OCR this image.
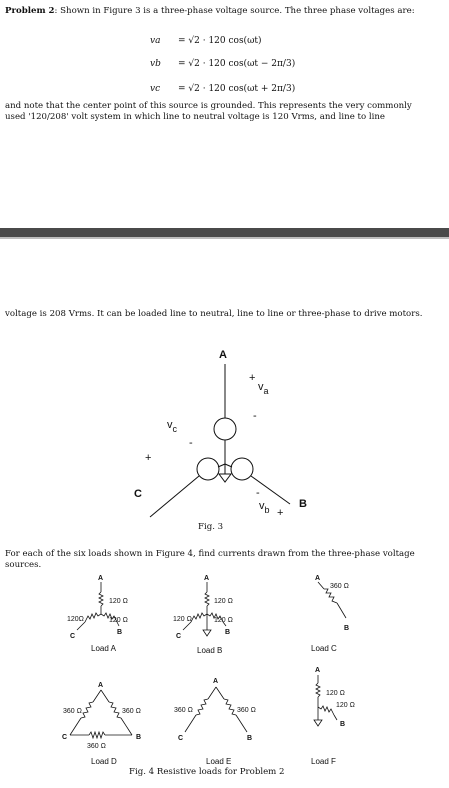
Problem 2: Shown in Figure 3 is a three-phase voltage source. The three phase voltages are:
va = √2 · 120 cos(ωt)
vb = √2 · 120 cos(ωt − 2π/3)
vc = √2 · 120 cos(ωt + 2π/3)
and note that the center point of this source is grounded. This represents the very commonly used '120/208' volt system in which line to neutral voltage is 120 Vrms, and line to line
voltage is 208 Vrms. It can be loaded line to neutral, line to line or three-phase to drive motors.
A
+
$v_a$
-
$v_c$
-
+
C	-
$v_b$ +
B
Fig. 3
For each of the six loads shown in Figure 4, find currents drawn from the three-phase voltage sources.
A
120 Ω
120 Ω
120Ω
B
C
Load A
A
120 Ω
120 Ω
120 Ω
B
C
Load B
A
360 Ω
B
Load C
A
360 Ω	360 Ω
360 Ω
C	B
Load D
A
360 Ω	360 Ω
C	B
Load E
A
120 Ω
120 Ω
B
Load F
Fig. 4 Resistive loads for Problem 2
